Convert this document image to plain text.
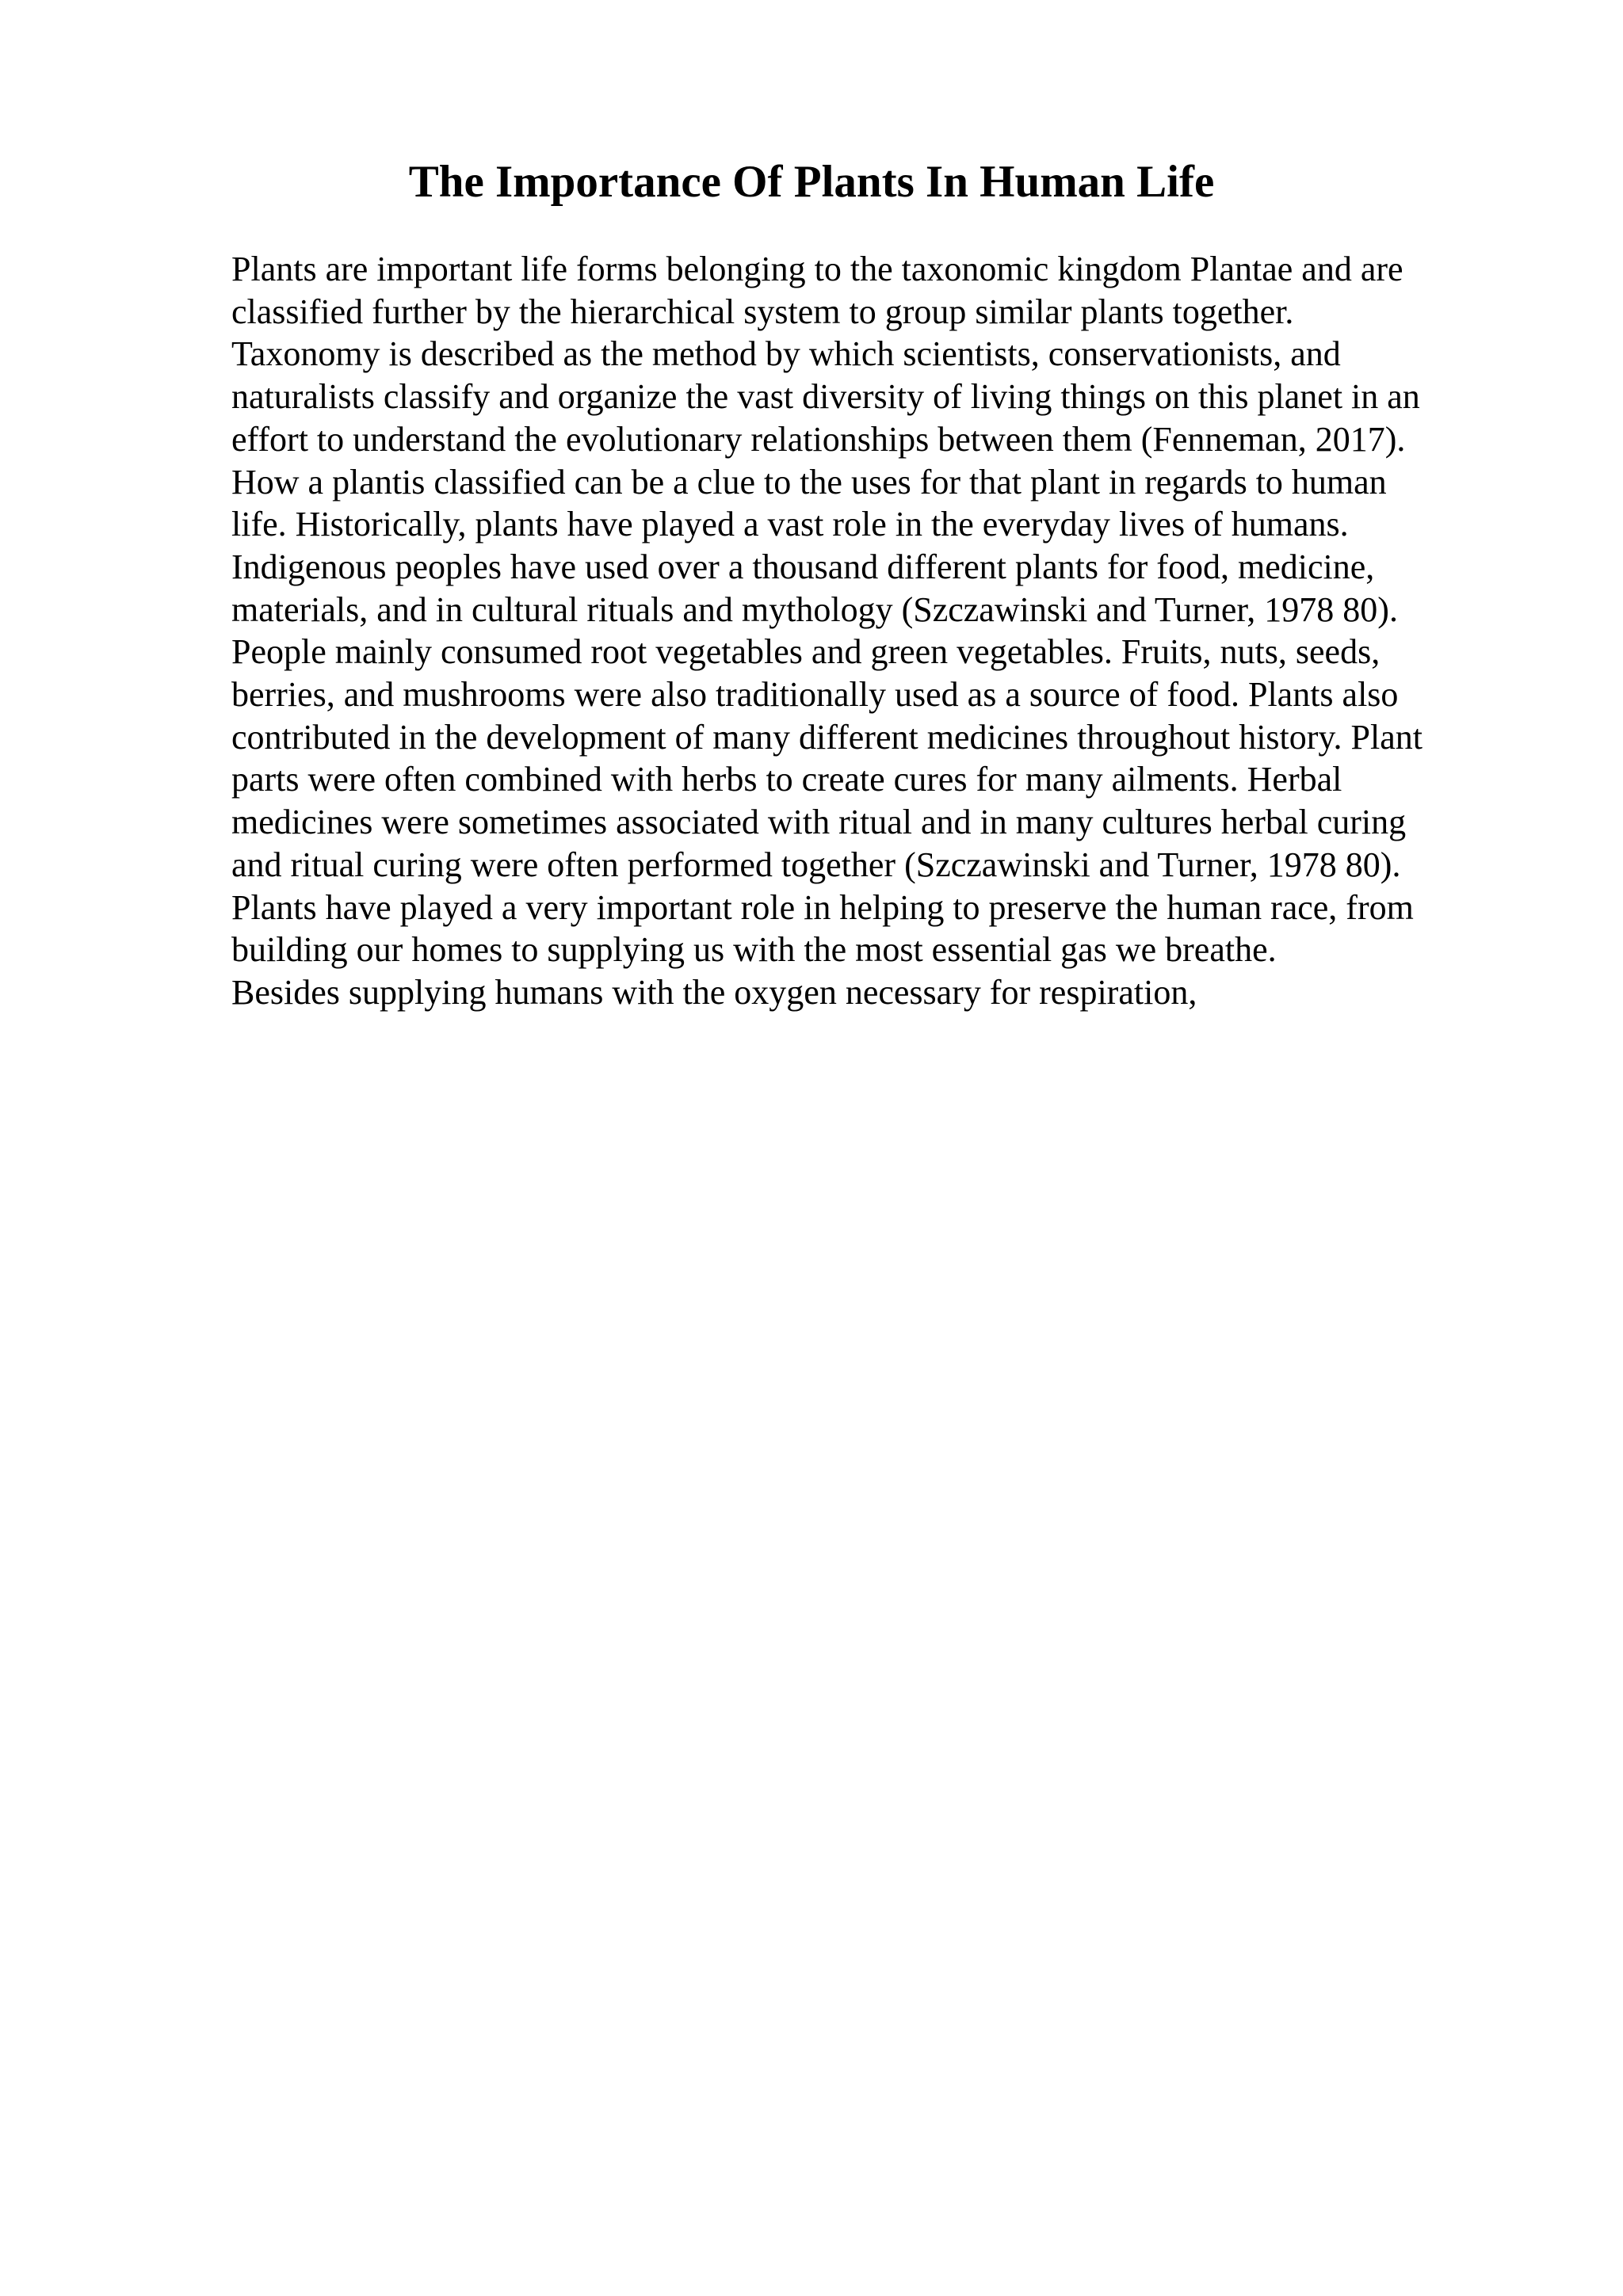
The Importance Of Plants In Human Life
Plants are important life forms belonging to the taxonomic kingdom Plantae and are
classified further by the hierarchical system to group similar plants together.
Taxonomy is described as the method by which scientists, conservationists, and
naturalists classify and organize the vast diversity of living things on this planet in an
effort to understand the evolutionary relationships between them (Fenneman, 2017).
How a plantis classified can be a clue to the uses for that plant in regards to human
life. Historically, plants have played a vast role in the everyday lives of humans.
Indigenous peoples have used over a thousand different plants for food, medicine,
materials, and in cultural rituals and mythology (Szczawinski and Turner, 1978 80).
People mainly consumed root vegetables and green vegetables. Fruits, nuts, seeds,
berries, and mushrooms were also traditionally used as a source of food. Plants also
contributed in the development of many different medicines throughout history. Plant
parts were often combined with herbs to create cures for many ailments. Herbal
medicines were sometimes associated with ritual and in many cultures herbal curing
and ritual curing were often performed together (Szczawinski and Turner, 1978 80).
Plants have played a very important role in helping to preserve the human race, from
building our homes to supplying us with the most essential gas we breathe.
Besides supplying humans with the oxygen necessary for respiration,
